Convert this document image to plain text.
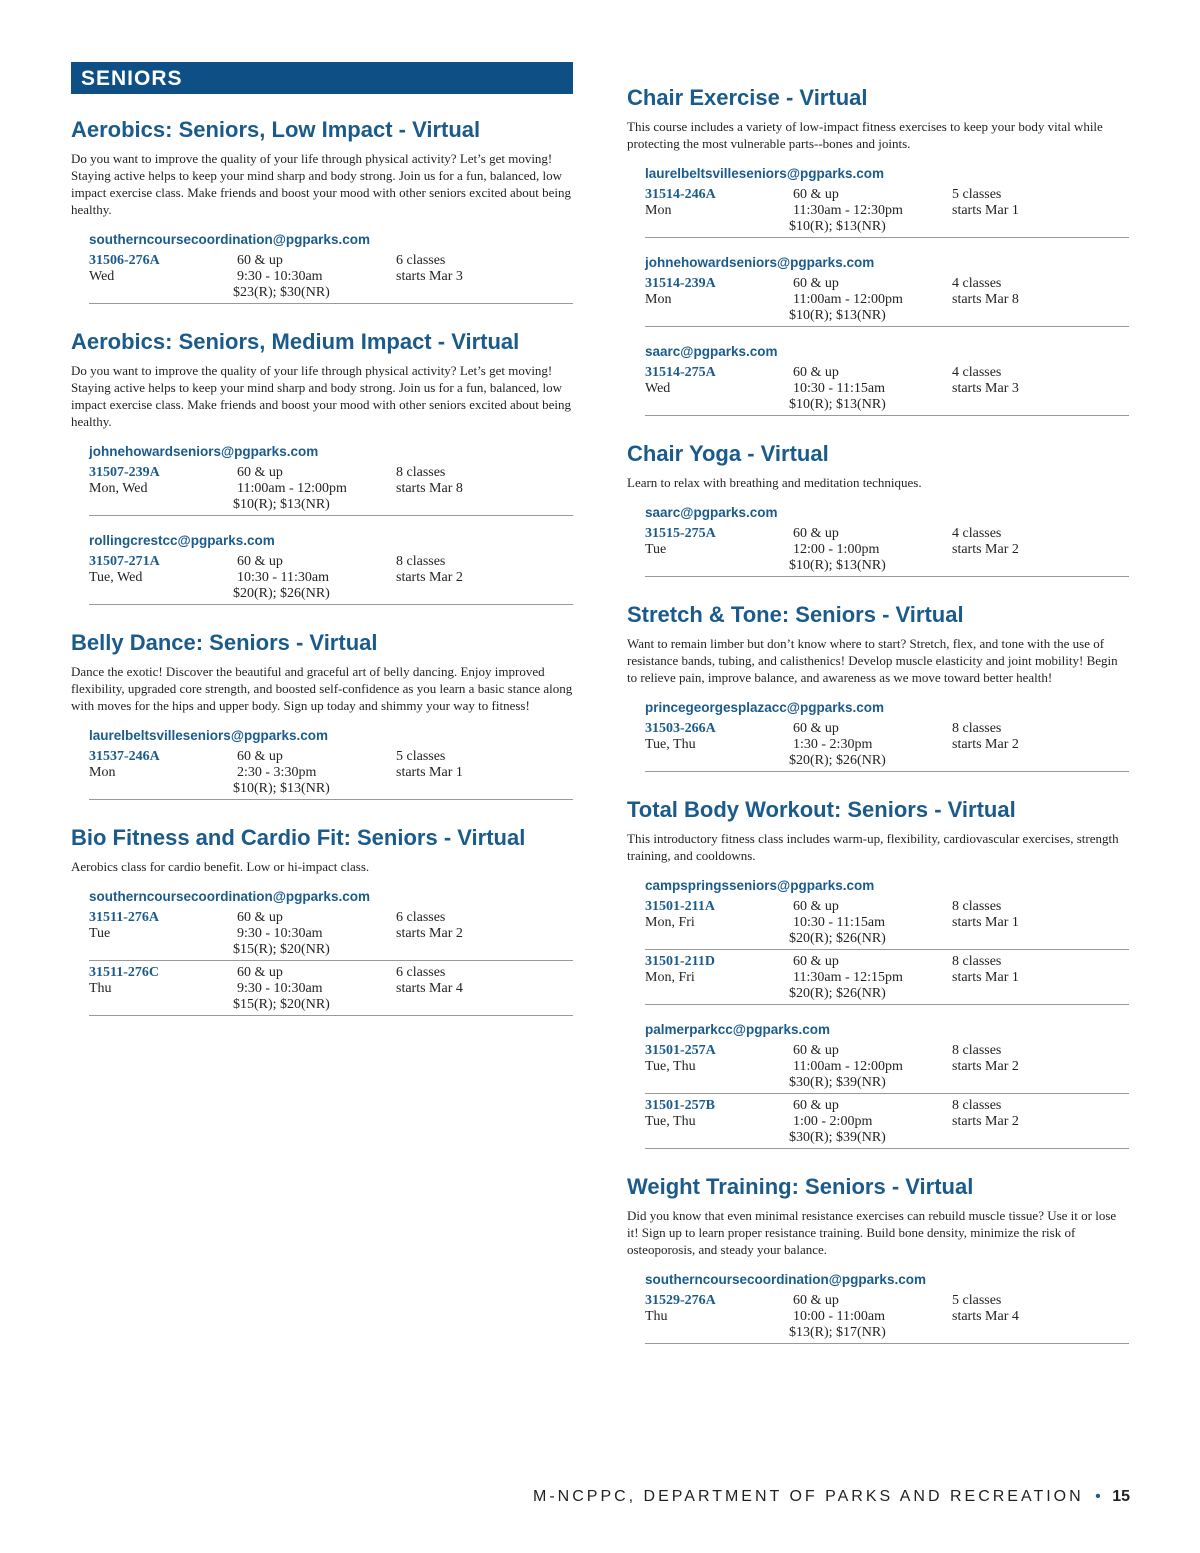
SENIORS
Aerobics: Seniors, Low Impact - Virtual
Do you want to improve the quality of your life through physical activity? Let’s get moving! Staying active helps to keep your mind sharp and body strong. Join us for a fun, balanced, low impact exercise class. Make friends and boost your mood with other seniors excited about being healthy.
southerncoursecoordination@pgparks.com
31506-276A
Wed
60 & up
9:30 - 10:30am
$23(R); $30(NR)
6 classes
starts Mar 3
Aerobics: Seniors, Medium Impact - Virtual
Do you want to improve the quality of your life through physical activity? Let’s get moving! Staying active helps to keep your mind sharp and body strong. Join us for a fun, balanced, low impact exercise class. Make friends and boost your mood with other seniors excited about being healthy.
johnehowardseniors@pgparks.com
31507-239A
Mon, Wed
60 & up
11:00am - 12:00pm
$10(R); $13(NR)
8 classes
starts Mar 8
rollingcrestcc@pgparks.com
31507-271A
Tue, Wed
60 & up
10:30 - 11:30am
$20(R); $26(NR)
8 classes
starts Mar 2
Belly Dance: Seniors - Virtual
Dance the exotic! Discover the beautiful and graceful art of belly dancing. Enjoy improved flexibility, upgraded core strength, and boosted self-confidence as you learn a basic stance along with moves for the hips and upper body. Sign up today and shimmy your way to fitness!
laurelbeltsvilleseniors@pgparks.com
31537-246A
Mon
60 & up
2:30 - 3:30pm
$10(R); $13(NR)
5 classes
starts Mar 1
Bio Fitness and Cardio Fit: Seniors - Virtual
Aerobics class for cardio benefit. Low or hi-impact class.
southerncoursecoordination@pgparks.com
31511-276A
Tue
60 & up
9:30 - 10:30am
$15(R); $20(NR)
6 classes
starts Mar 2
31511-276C
Thu
60 & up
9:30 - 10:30am
$15(R); $20(NR)
6 classes
starts Mar 4
Chair Exercise - Virtual
This course includes a variety of low-impact fitness exercises to keep your body vital while protecting the most vulnerable parts--bones and joints.
laurelbeltsvilleseniors@pgparks.com
31514-246A
Mon
60 & up
11:30am - 12:30pm
$10(R); $13(NR)
5 classes
starts Mar 1
johnehowardseniors@pgparks.com
31514-239A
Mon
60 & up
11:00am - 12:00pm
$10(R); $13(NR)
4 classes
starts Mar 8
saarc@pgparks.com
31514-275A
Wed
60 & up
10:30 - 11:15am
$10(R); $13(NR)
4 classes
starts Mar 3
Chair Yoga - Virtual
Learn to relax with breathing and meditation techniques.
saarc@pgparks.com
31515-275A
Tue
60 & up
12:00 - 1:00pm
$10(R); $13(NR)
4 classes
starts Mar 2
Stretch & Tone: Seniors - Virtual
Want to remain limber but don’t know where to start? Stretch, flex, and tone with the use of resistance bands, tubing, and calisthenics! Develop muscle elasticity and joint mobility! Begin to relieve pain, improve balance, and awareness as we move toward better health!
princegeorgesplazacc@pgparks.com
31503-266A
Tue, Thu
60 & up
1:30 - 2:30pm
$20(R); $26(NR)
8 classes
starts Mar 2
Total Body Workout: Seniors - Virtual
This introductory fitness class includes warm-up, flexibility, cardiovascular exercises, strength training, and cooldowns.
campspringsseniors@pgparks.com
31501-211A
Mon, Fri
60 & up
10:30 - 11:15am
$20(R); $26(NR)
8 classes
starts Mar 1
31501-211D
Mon, Fri
60 & up
11:30am - 12:15pm
$20(R); $26(NR)
8 classes
starts Mar 1
palmerparkcc@pgparks.com
31501-257A
Tue, Thu
60 & up
11:00am - 12:00pm
$30(R); $39(NR)
8 classes
starts Mar 2
31501-257B
Tue, Thu
60 & up
1:00 - 2:00pm
$30(R); $39(NR)
8 classes
starts Mar 2
Weight Training: Seniors - Virtual
Did you know that even minimal resistance exercises can rebuild muscle tissue? Use it or lose it! Sign up to learn proper resistance training. Build bone density, minimize the risk of osteoporosis, and steady your balance.
southerncoursecoordination@pgparks.com
31529-276A
Thu
60 & up
10:00 - 11:00am
$13(R); $17(NR)
5 classes
starts Mar 4
M-NCPPC, DEPARTMENT OF PARKS AND RECREATION • 15
